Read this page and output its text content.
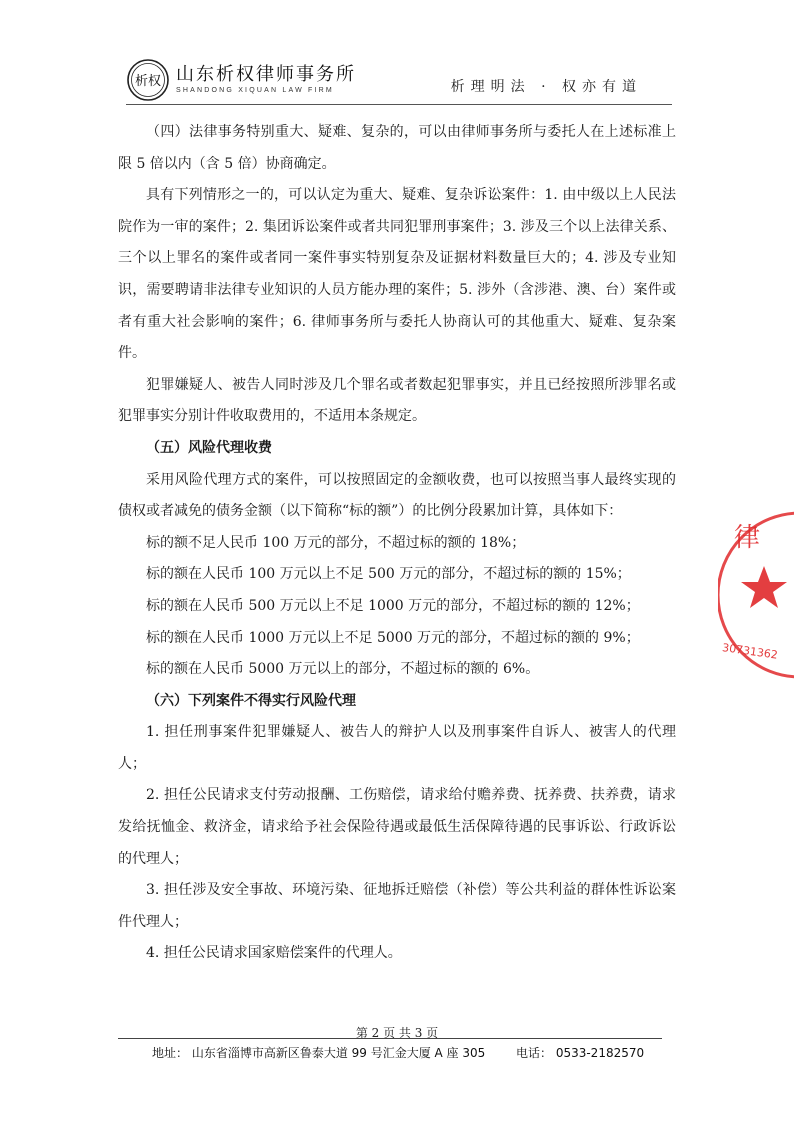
析权 山东析权律师事务所
SHANDONG XIQUAN LAW FIRM	析理明法 · 权亦有道

（四）法律事务特别重大、疑难、复杂的，可以由律师事务所与委托人在上述标准上限 5 倍以内（含 5 倍）协商确定。

具有下列情形之一的，可以认定为重大、疑难、复杂诉讼案件：1. 由中级以上人民法院作为一审的案件；2. 集团诉讼案件或者共同犯罪刑事案件；3. 涉及三个以上法律关系、三个以上罪名的案件或者同一案件事实特别复杂及证据材料数量巨大的；4. 涉及专业知识，需要聘请非法律专业知识的人员方能办理的案件；5. 涉外（含涉港、澳、台）案件或者有重大社会影响的案件；6. 律师事务所与委托人协商认可的其他重大、疑难、复杂案件。

犯罪嫌疑人、被告人同时涉及几个罪名或者数起犯罪事实，并且已经按照所涉罪名或犯罪事实分别计件收取费用的，不适用本条规定。

（五）风险代理收费

采用风险代理方式的案件，可以按照固定的金额收费，也可以按照当事人最终实现的债权或者减免的债务金额（以下简称“标的额”）的比例分段累加计算，具体如下：

标的额不足人民币 100 万元的部分，不超过标的额的 18%；

标的额在人民币 100 万元以上不足 500 万元的部分，不超过标的额的 15%；

标的额在人民币 500 万元以上不足 1000 万元的部分，不超过标的额的 12%；

标的额在人民币 1000 万元以上不足 5000 万元的部分，不超过标的额的 9%；

标的额在人民币 5000 万元以上的部分，不超过标的额的 6%。

（六）下列案件不得实行风险代理

1. 担任刑事案件犯罪嫌疑人、被告人的辩护人以及刑事案件自诉人、被害人的代理人；

2. 担任公民请求支付劳动报酬、工伤赔偿，请求给付赡养费、抚养费、扶养费，请求发给抚恤金、救济金，请求给予社会保险待遇或最低生活保障待遇的民事诉讼、行政诉讼的代理人；

3. 担任涉及安全事故、环境污染、征地拆迁赔偿（补偿）等公共利益的群体性诉讼案件代理人；

4. 担任公民请求国家赔偿案件的代理人。

律
30731362
第 2 页 共 3 页
地址： 山东省淄博市高新区鲁泰大道 99 号汇金大厦 A 座 305	电话： 0533-2182570
